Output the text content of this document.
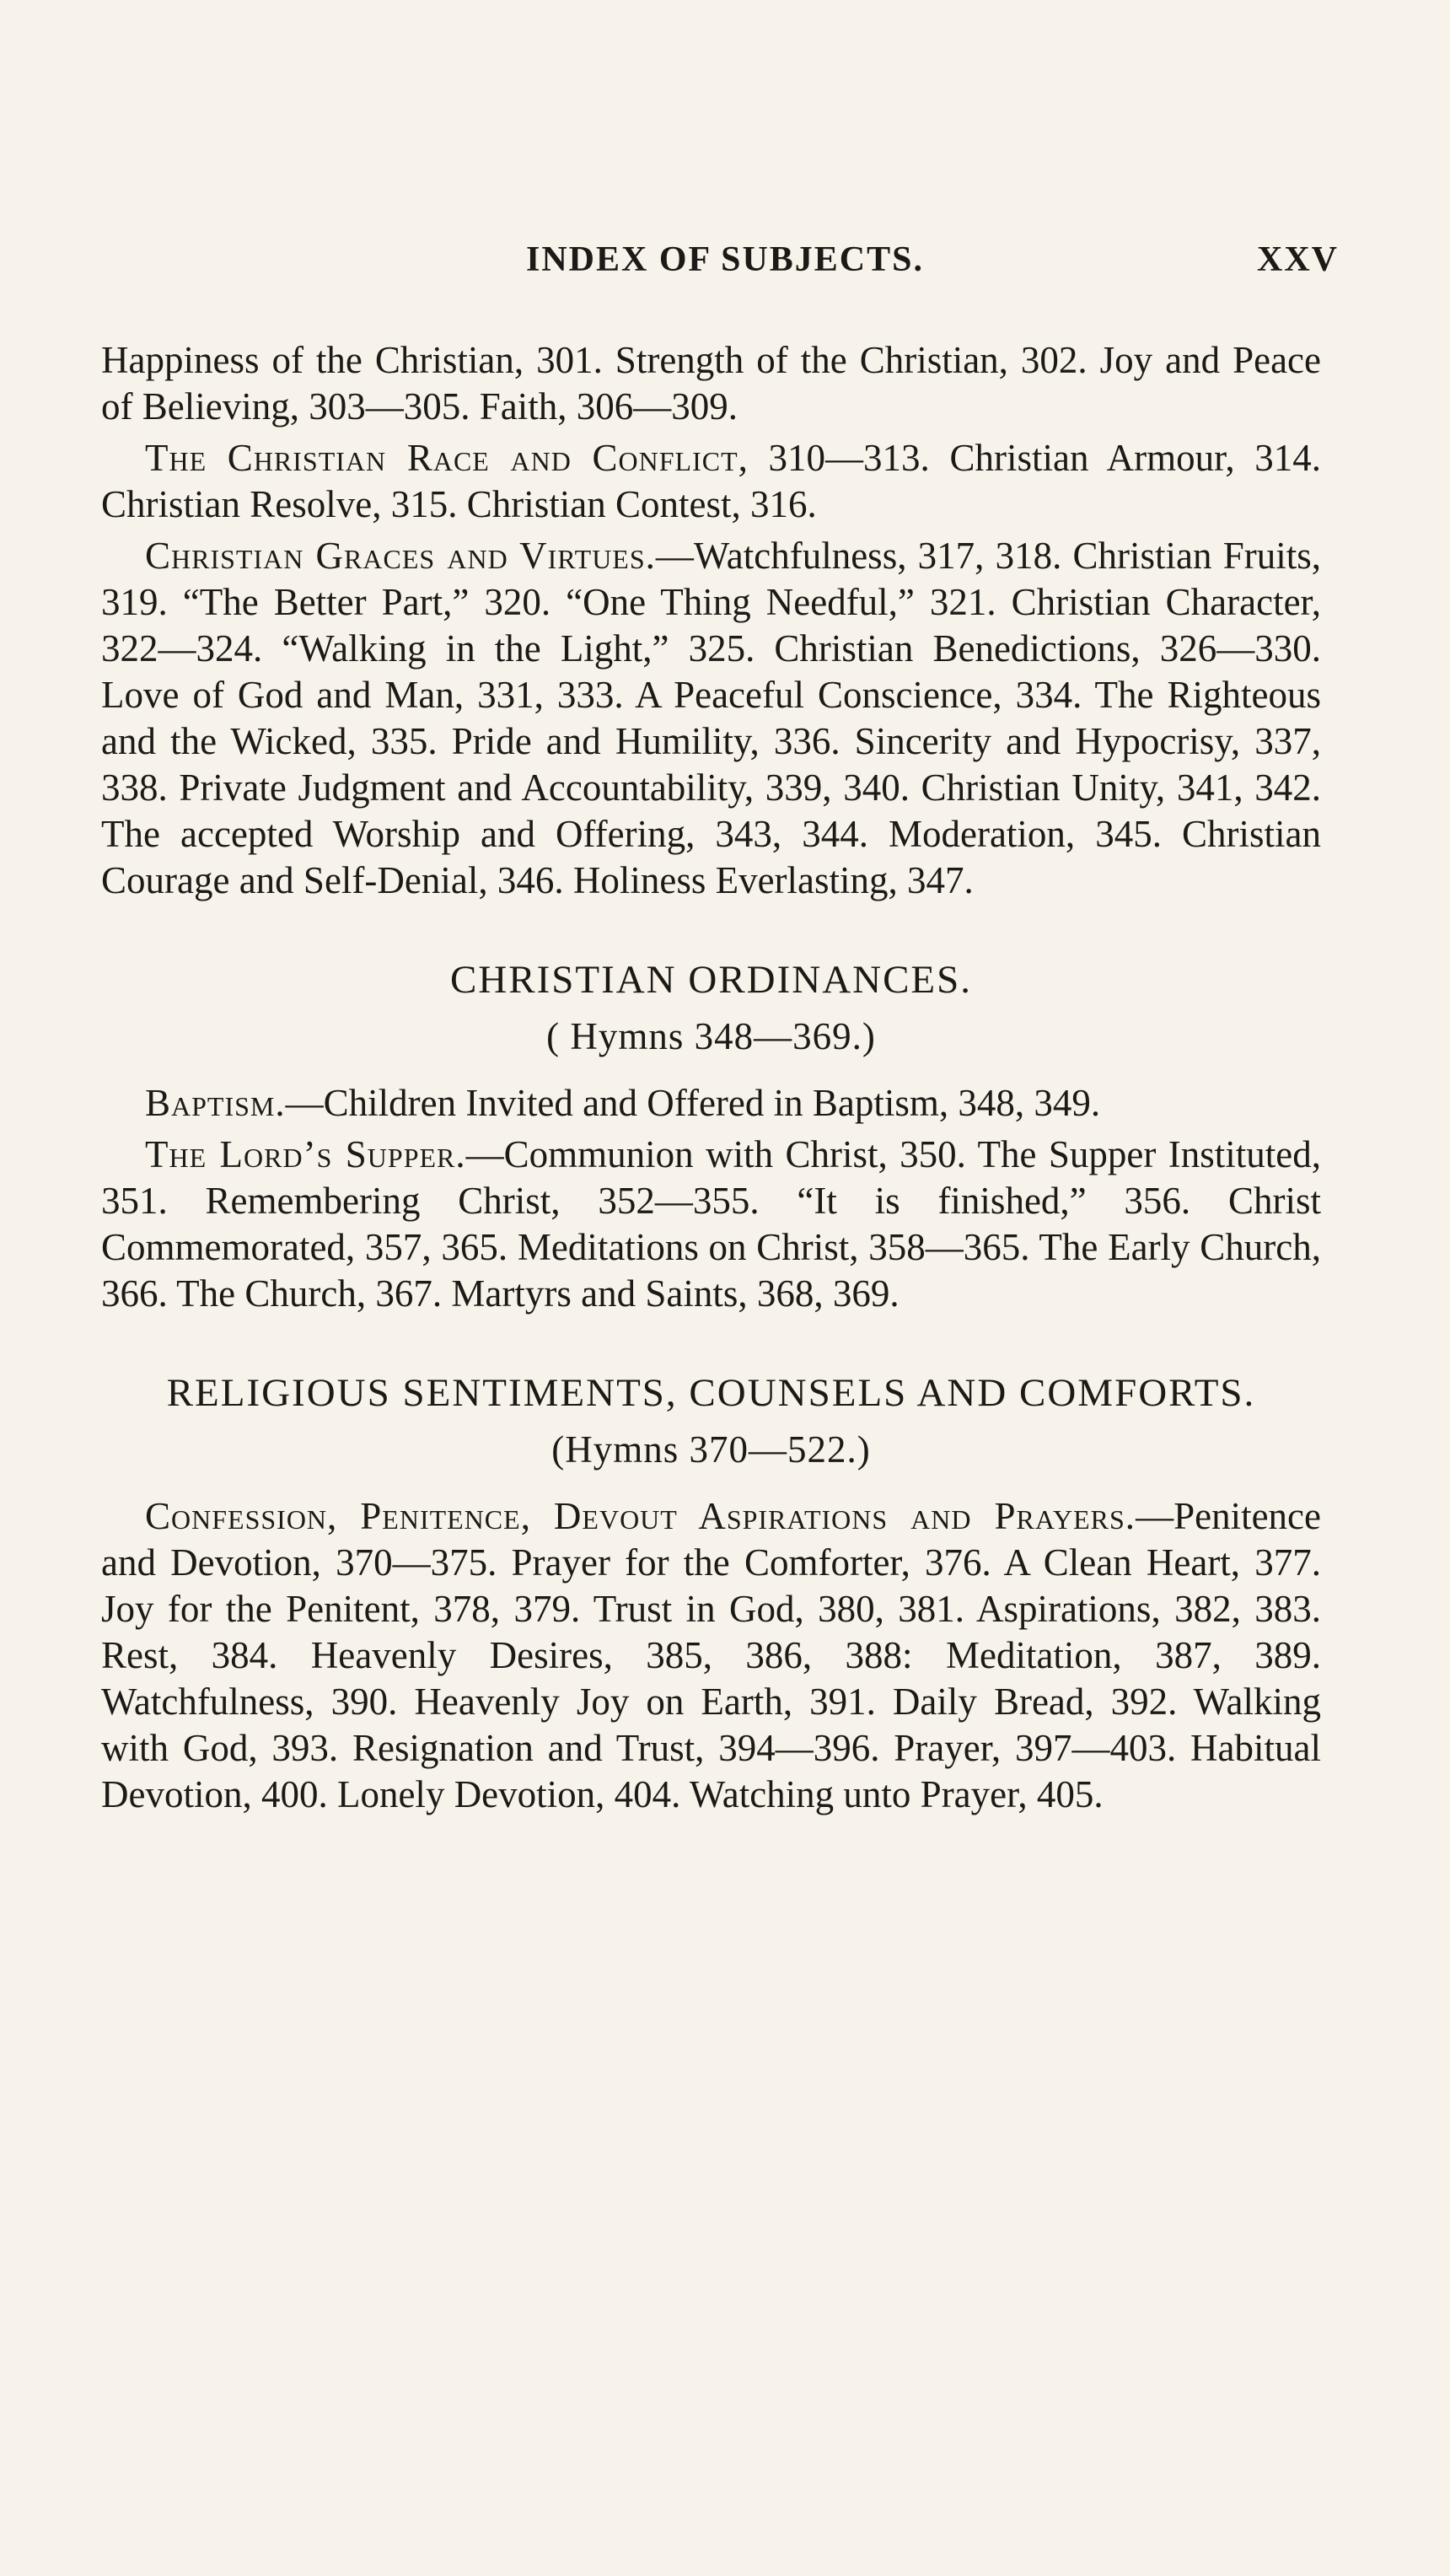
INDEX OF SUBJECTS.	XXV

Happiness of the Christian, 301. Strength of the Christian, 302. Joy and Peace of Believing, 303—305. Faith, 306—309.

The Christian Race and Conflict, 310—313. Christian Armour, 314. Christian Resolve, 315. Christian Contest, 316.

Christian Graces and Virtues.—Watchfulness, 317, 318. Christian Fruits, 319. “The Better Part,” 320. “One Thing Needful,” 321. Christian Character, 322—324. “Walking in the Light,” 325. Christian Benedictions, 326—330. Love of God and Man, 331, 333. A Peaceful Conscience, 334. The Righteous and the Wicked, 335. Pride and Humility, 336. Sincerity and Hypocrisy, 337, 338. Private Judgment and Accountability, 339, 340. Christian Unity, 341, 342. The accepted Worship and Offering, 343, 344. Moderation, 345. Christian Courage and Self-Denial, 346. Holiness Everlasting, 347.

CHRISTIAN ORDINANCES.
( Hymns 348—369.)

Baptism.—Children Invited and Offered in Baptism, 348, 349.

The Lord’s Supper.—Communion with Christ, 350. The Supper Instituted, 351. Remembering Christ, 352—355. “It is finished,” 356. Christ Commemorated, 357, 365. Meditations on Christ, 358—365. The Early Church, 366. The Church, 367. Martyrs and Saints, 368, 369.

RELIGIOUS SENTIMENTS, COUNSELS AND COMFORTS.
(Hymns 370—522.)

Confession, Penitence, Devout Aspirations and Prayers.—Penitence and Devotion, 370—375. Prayer for the Comforter, 376. A Clean Heart, 377. Joy for the Penitent, 378, 379. Trust in God, 380, 381. Aspirations, 382, 383. Rest, 384. Heavenly Desires, 385, 386, 388: Meditation, 387, 389. Watchfulness, 390. Heavenly Joy on Earth, 391. Daily Bread, 392. Walking with God, 393. Resignation and Trust, 394—396. Prayer, 397—403. Habitual Devotion, 400. Lonely Devotion, 404. Watching unto Prayer, 405.
